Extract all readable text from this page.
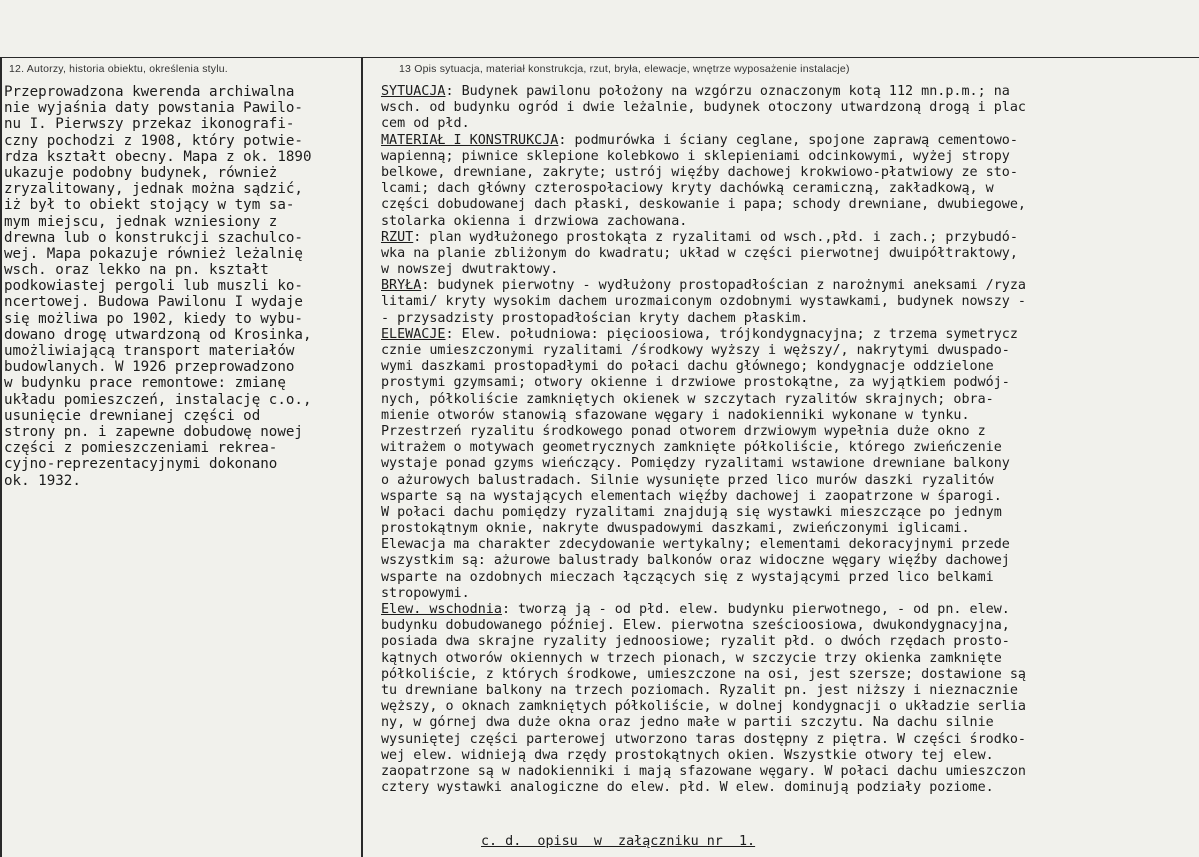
12. Autorzy, historia obiektu, określenia stylu.	13 Opis sytuacja, materiał konstrukcja, rzut, bryła, elewacje, wnętrze wyposażenie instalacje)
Przeprowadzona kwerenda archiwalna
nie wyjaśnia daty powstania Pawilo-
nu I. Pierwszy przekaz ikonografi-
czny pochodzi z 1908, który potwie-
rdza kształt obecny. Mapa z ok. 1890
ukazuje podobny budynek, również
zryzalitowany, jednak można sądzić,
iż był to obiekt stojący w tym sa-
mym miejscu, jednak wzniesiony z
drewna lub o konstrukcji szachulco-
wej. Mapa pokazuje również leżalnię
wsch. oraz lekko na pn. kształt
podkowiastej pergoli lub muszli ko-
ncertowej. Budowa Pawilonu I wydaje
się możliwa po 1902, kiedy to wybu-
dowano drogę utwardzoną od Krosinka,
umożliwiającą transport materiałów
budowlanych. W 1926 przeprowadzono
w budynku prace remontowe: zmianę
układu pomieszczeń, instalację c.o.,
usunięcie drewnianej części od
strony pn. i zapewne dobudowę nowej
części z pomieszczeniami rekreа-
cyjno-reprezentacyjnymi dokonano
ok. 1932.
SYTUACJA: Budynek pawilonu położony na wzgórzu oznaczonym kotą 112 mn.p.m.; na
wsch. od budynku ogród i dwie leżalnie, budynek otoczony utwardzoną drogą i plac
cem od płd.
MATERIAŁ I KONSTRUKCJA: podmurówka i ściany ceglane, spojone zaprawą cementowo-
wapienną; piwnice sklepione kolebkowo i sklepieniami odcinkowymi, wyżej stropy
belkowe, drewniane, zakryte; ustrój więźby dachowej krokwiowo-płatwiowy ze sto-
lcami; dach główny czterospołaciowy kryty dachówką ceramiczną, zakładkową, w
części dobudowanej dach płaski, deskowanie i papa; schody drewniane, dwubiegowe,
stolarka okienna i drzwiowa zachowana.
RZUT: plan wydłużonego prostokąta z ryzalitami od wsch.,płd. i zach.; przybudó-
wka na planie zbliżonym do kwadratu; układ w części pierwotnej dwuipółtraktowy,
w nowszej dwutraktowy.
BRYŁA: budynek pierwotny - wydłużony prostopadłościan z narożnymi aneksami /ryza
litami/ kryty wysokim dachem urozmaiconym ozdobnymi wystawkami, budynek nowszy -
- przysadzisty prostopadłościan kryty dachem płaskim.
ELEWACJE: Elew. południowa: pięcioosiowa, trójkondygnacyjna; z trzema symetrycz
cznie umieszczonymi ryzalitami /środkowy wyższy i węższy/, nakrytymi dwuspado-
wymi daszkami prostopadłymi do połaci dachu głównego; kondygnacje oddzielone
prostymi gzymsami; otwory okienne i drzwiowe prostokątne, za wyjątkiem podwój-
nych, półkoliście zamkniętych okienek w szczytach ryzalitów skrajnych; obra-
mienie otworów stanowią sfazowane węgary i nadokienniki wykonane w tynku.
Przestrzeń ryzalitu środkowego ponad otworem drzwiowym wypełnia duże okno z
witrażem o motywach geometrycznych zamknięte półkoliście, którego zwieńczenie
wystaje ponad gzyms wieńczący. Pomiędzy ryzalitami wstawione drewniane balkony
o ażurowych balustradach. Silnie wysunięte przed lico murów daszki ryzalitów
wsparte są na wystających elementach więźby dachowej i zaopatrzone w śparogi.
W połaci dachu pomiędzy ryzalitami znajdują się wystawki mieszczące po jednym
prostokątnym oknie, nakryte dwuspadowymi daszkami, zwieńczonymi iglicami.
Elewacja ma charakter zdecydowanie wertykalny; elementami dekoracyjnymi przede
wszystkim są: ażurowe balustrady balkonów oraz widoczne węgary więźby dachowej
wsparte na ozdobnych mieczach łączących się z wystającymi przed lico belkami
stropowymi.
Elew. wschodnia: tworzą ją - od płd. elew. budynku pierwotnego, - od pn. elew.
budynku dobudowanego później. Elew. pierwotna sześcioosiowa, dwukondygnacyjna,
posiada dwa skrajne ryzality jednoosiowe; ryzalit płd. o dwóch rzędach prosto-
kątnych otworów okiennych w trzech pionach, w szczycie trzy okienka zamknięte
półkoliście, z których środkowe, umieszczone na osi, jest szersze; dostawione są
tu drewniane balkony na trzech poziomach. Ryzalit pn. jest niższy i nieznacznie
węższy, o oknach zamkniętych półkoliście, w dolnej kondygnacji o układzie serlia
ny, w górnej dwa duże okna oraz jedno małe w partii szczytu. Na dachu silnie
wysuniętej części parterowej utworzono taras dostępny z piętra. W części środko-
wej elew. widnieją dwa rzędy prostokątnych okien. Wszystkie otwory tej elew.
zaopatrzone są w nadokienniki i mają sfazowane węgary. W połaci dachu umieszczon
cztery wystawki analogiczne do elew. płd. W elew. dominują podziały poziome.
c. d.  opisu  w  załączniku nr  1.
